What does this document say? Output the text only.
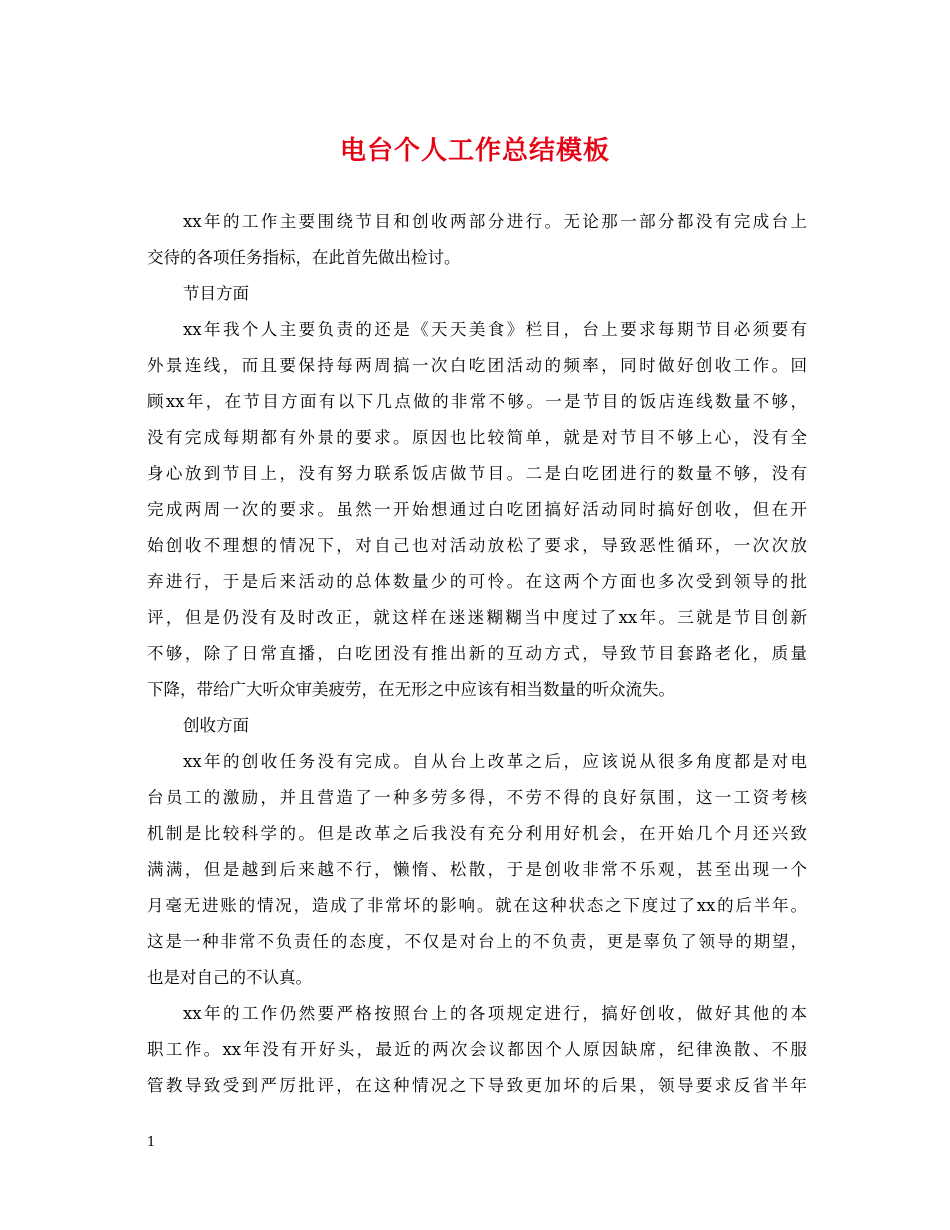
电台个人工作总结模板
xx年的工作主要围绕节目和创收两部分进行。无论那一部分都没有完成台上
交待的各项任务指标，在此首先做出检讨。
节目方面
xx年我个人主要负责的还是《天天美食》栏目，台上要求每期节目必须要有
外景连线，而且要保持每两周搞一次白吃团活动的频率，同时做好创收工作。回
顾xx年，在节目方面有以下几点做的非常不够。一是节目的饭店连线数量不够，
没有完成每期都有外景的要求。原因也比较简单，就是对节目不够上心，没有全
身心放到节目上，没有努力联系饭店做节目。二是白吃团进行的数量不够，没有
完成两周一次的要求。虽然一开始想通过白吃团搞好活动同时搞好创收，但在开
始创收不理想的情况下，对自己也对活动放松了要求，导致恶性循环，一次次放
弃进行，于是后来活动的总体数量少的可怜。在这两个方面也多次受到领导的批
评，但是仍没有及时改正，就这样在迷迷糊糊当中度过了xx年。三就是节目创新
不够，除了日常直播，白吃团没有推出新的互动方式，导致节目套路老化，质量
下降，带给广大听众审美疲劳，在无形之中应该有相当数量的听众流失。
创收方面
xx年的创收任务没有完成。自从台上改革之后，应该说从很多角度都是对电
台员工的激励，并且营造了一种多劳多得，不劳不得的良好氛围，这一工资考核
机制是比较科学的。但是改革之后我没有充分利用好机会，在开始几个月还兴致
满满，但是越到后来越不行，懒惰、松散，于是创收非常不乐观，甚至出现一个
月毫无进账的情况，造成了非常坏的影响。就在这种状态之下度过了xx的后半年。
这是一种非常不负责任的态度，不仅是对台上的不负责，更是辜负了领导的期望，
也是对自己的不认真。
xx年的工作仍然要严格按照台上的各项规定进行，搞好创收，做好其他的本
职工作。xx年没有开好头，最近的两次会议都因个人原因缺席，纪律涣散、不服
管教导致受到严厉批评，在这种情况之下导致更加坏的后果，领导要求反省半年
1
